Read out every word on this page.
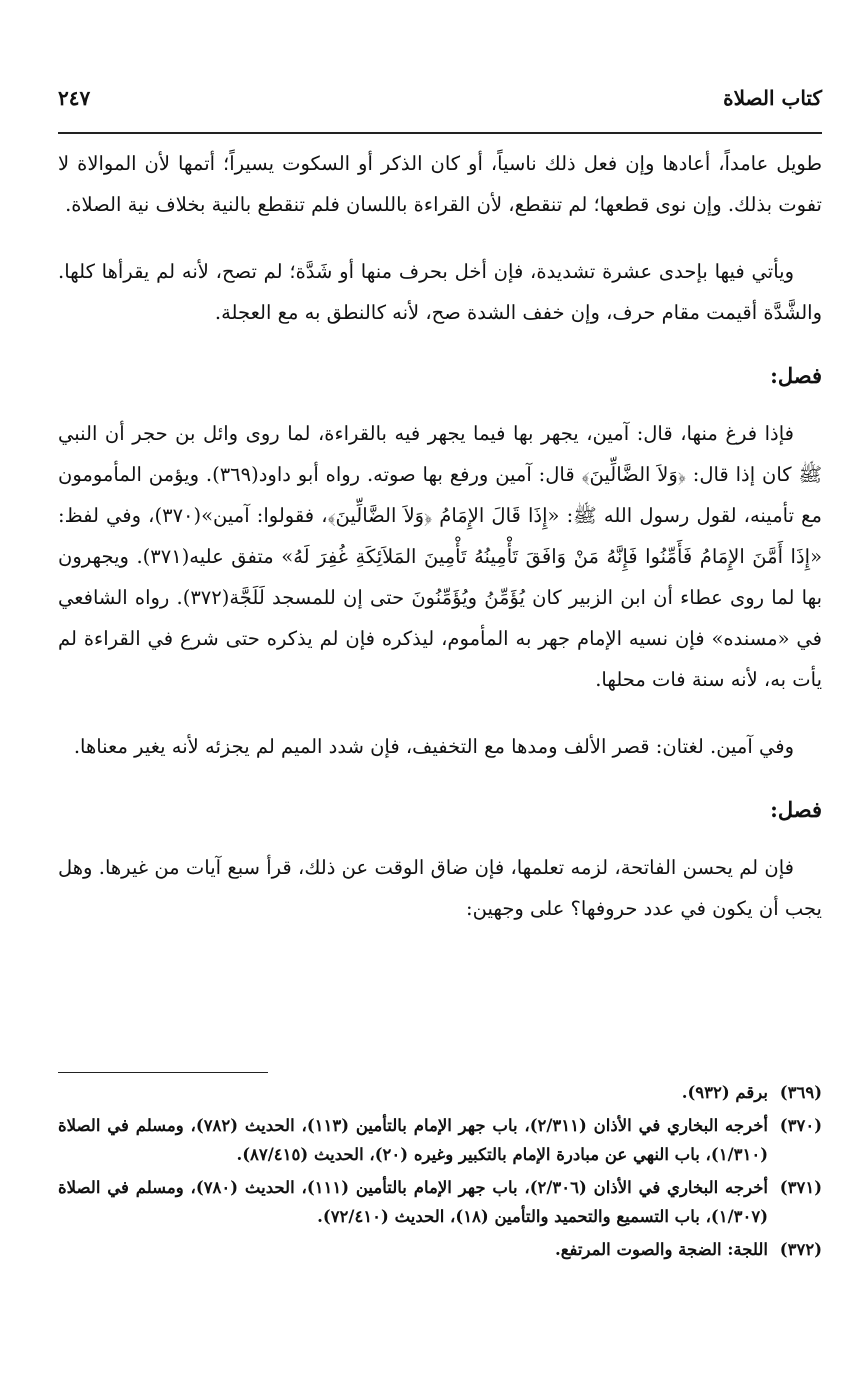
كتاب الصلاة
٢٤٧

طويل عامداً، أعادها وإن فعل ذلك ناسياً، أو كان الذكر أو السكوت يسيراً؛ أتمها لأن الموالاة لا تفوت بذلك. وإن نوى قطعها؛ لم تنقطع، لأن القراءة باللسان فلم تنقطع بالنية بخلاف نية الصلاة.

ويأتي فيها بإحدى عشرة تشديدة، فإن أخل بحرف منها أو شَدَّة؛ لم تصح، لأنه لم يقرأها كلها. والشَّدَّة أقيمت مقام حرف، وإن خفف الشدة صح، لأنه كالنطق به مع العجلة.

فصل:

فإذا فرغ منها، قال: آمين، يجهر بها فيما يجهر فيه بالقراءة، لما روى وائل بن حجر أن النبي ﷺ كان إذا قال: ﴿وَلاَ الضَّالِّينَ﴾ قال: آمين ورفع بها صوته. رواه أبو داود(٣٦٩). ويؤمن المأمومون مع تأمينه، لقول رسول الله ﷺ: «إِذَا قَالَ الإِمَامُ ﴿وَلاَ الضَّالِّينَ﴾، فقولوا: آمين»(٣٧٠)، وفي لفظ: «إِذَا أَمَّنَ الإِمَامُ فَأَمِّنُوا فَإِنَّهُ مَنْ وَافَقَ تَأْمِينُهُ تَأْمِينَ المَلاَئِكَةِ غُفِرَ لَهُ» متفق عليه(٣٧١). ويجهرون بها لما روى عطاء أن ابن الزبير كان يُؤَمِّنُ ويُؤَمِّنُونَ حتى إن للمسجد لَلَجَّة(٣٧٢). رواه الشافعي في «مسنده» فإن نسيه الإمام جهر به المأموم، ليذكره فإن لم يذكره حتى شرع في القراءة لم يأت به، لأنه سنة فات محلها.

وفي آمين. لغتان: قصر الألف ومدها مع التخفيف، فإن شدد الميم لم يجزئه لأنه يغير معناها.

فصل:

فإن لم يحسن الفاتحة، لزمه تعلمها، فإن ضاق الوقت عن ذلك، قرأ سبع آيات من غيرها. وهل يجب أن يكون في عدد حروفها؟ على وجهين:

(٣٦٩)
برقم (٩٣٢).
(٣٧٠)
أخرجه البخاري في الأذان (٢/٣١١)، باب جهر الإمام بالتأمين (١١٣)، الحديث (٧٨٢)، ومسلم في الصلاة (١/٣١٠)، باب النهي عن مبادرة الإمام بالتكبير وغيره (٢٠)، الحديث (٨٧/٤١٥).
(٣٧١)
أخرجه البخاري في الأذان (٢/٣٠٦)، باب جهر الإمام بالتأمين (١١١)، الحديث (٧٨٠)، ومسلم في الصلاة (١/٣٠٧)، باب التسميع والتحميد والتأمين (١٨)، الحديث (٧٢/٤١٠).
(٣٧٢)
اللجة: الضجة والصوت المرتفع.
